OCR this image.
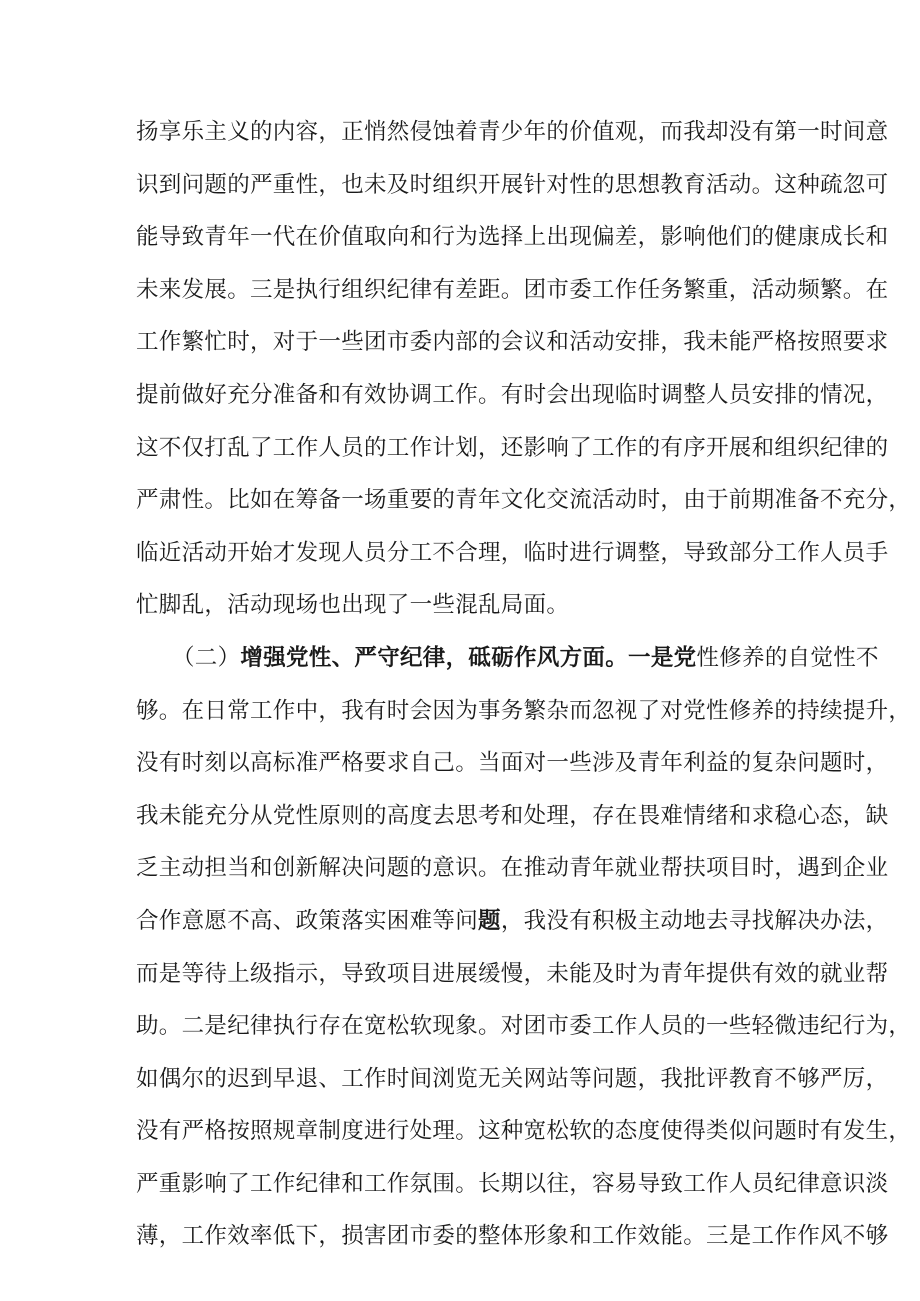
扬享乐主义的内容，正悄然侵蚀着青少年的价值观，而我却没有第一时间意
识到问题的严重性，也未及时组织开展针对性的思想教育活动。这种疏忽可
能导致青年一代在价值取向和行为选择上出现偏差，影响他们的健康成长和
未来发展。三是执行组织纪律有差距。团市委工作任务繁重，活动频繁。在
工作繁忙时，对于一些团市委内部的会议和活动安排，我未能严格按照要求
提前做好充分准备和有效协调工作。有时会出现临时调整人员安排的情况，
这不仅打乱了工作人员的工作计划，还影响了工作的有序开展和组织纪律的
严肃性。比如在筹备一场重要的青年文化交流活动时，由于前期准备不充分，
临近活动开始才发现人员分工不合理，临时进行调整，导致部分工作人员手
忙脚乱，活动现场也出现了一些混乱局面。
（二）增强党性、严守纪律，砥砺作风方面。一是党性修养的自觉性不
够。在日常工作中，我有时会因为事务繁杂而忽视了对党性修养的持续提升，
没有时刻以高标准严格要求自己。当面对一些涉及青年利益的复杂问题时，
我未能充分从党性原则的高度去思考和处理，存在畏难情绪和求稳心态，缺
乏主动担当和创新解决问题的意识。在推动青年就业帮扶项目时，遇到企业
合作意愿不高、政策落实困难等问题，我没有积极主动地去寻找解决办法，
而是等待上级指示，导致项目进展缓慢，未能及时为青年提供有效的就业帮
助。二是纪律执行存在宽松软现象。对团市委工作人员的一些轻微违纪行为，
如偶尔的迟到早退、工作时间浏览无关网站等问题，我批评教育不够严厉，
没有严格按照规章制度进行处理。这种宽松软的态度使得类似问题时有发生，
严重影响了工作纪律和工作氛围。长期以往，容易导致工作人员纪律意识淡
薄，工作效率低下，损害团市委的整体形象和工作效能。三是工作作风不够
